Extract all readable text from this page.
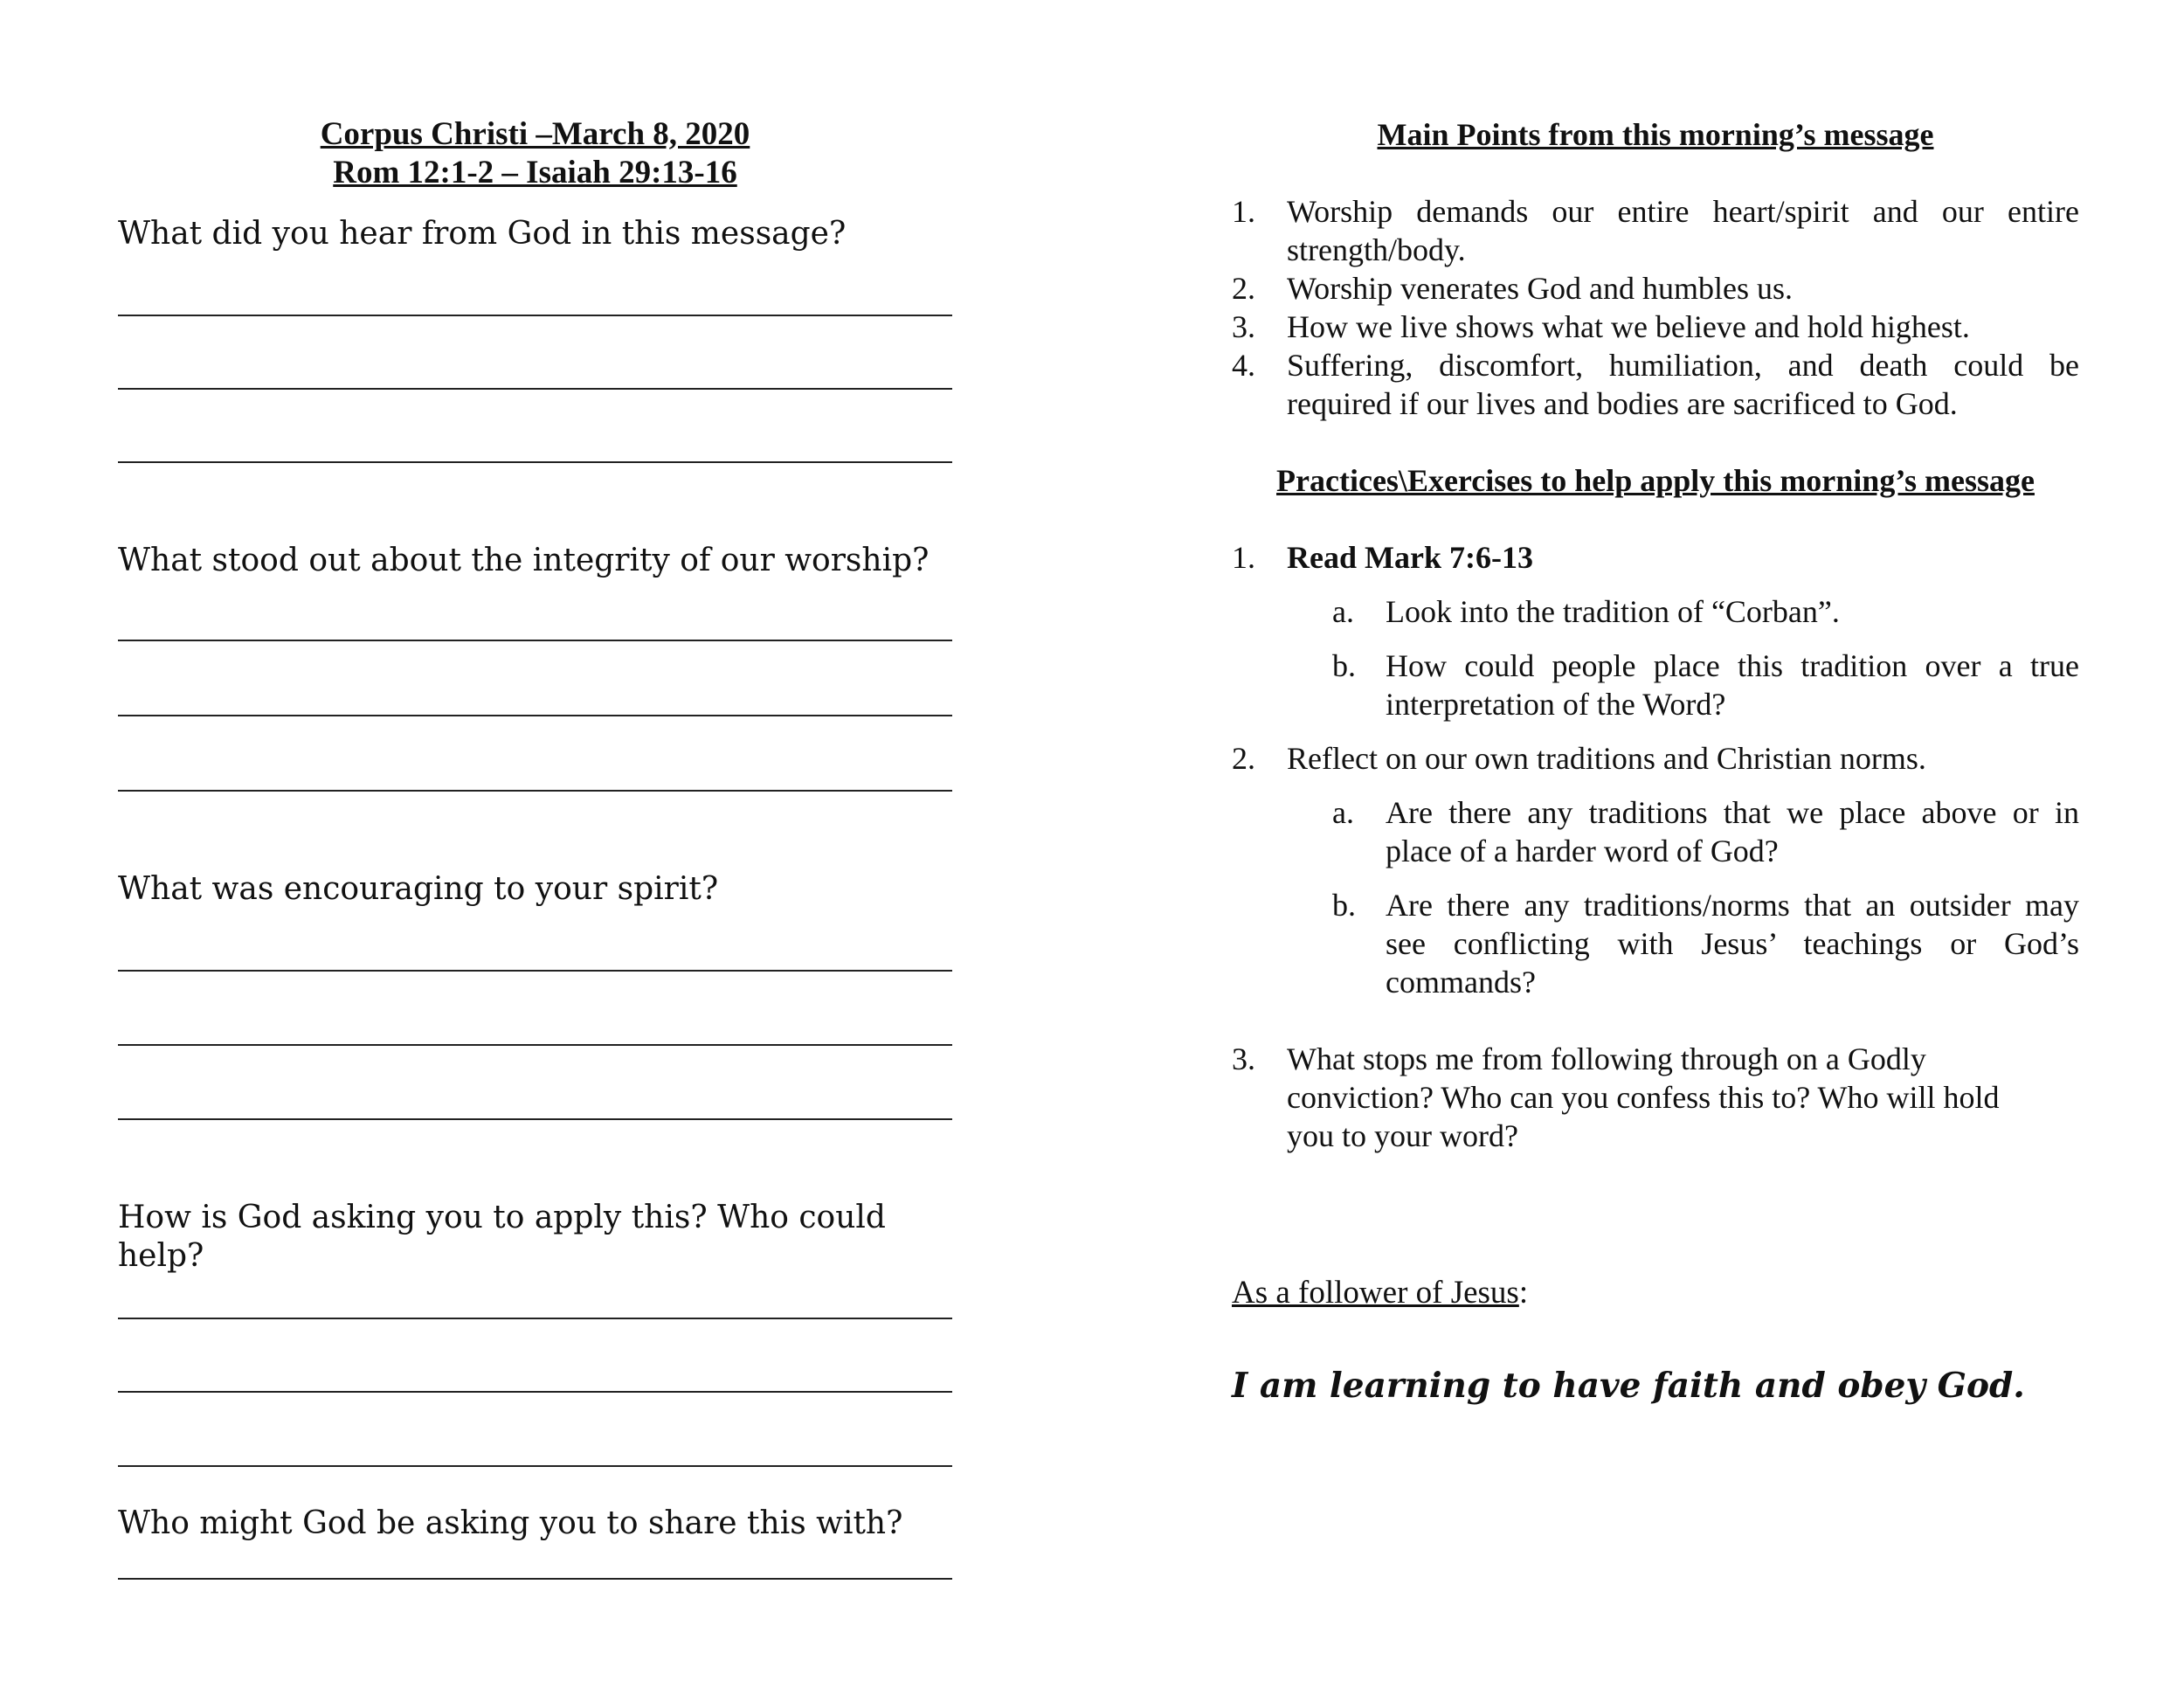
Corpus Christi –March 8, 2020

Rom 12:1-2 – Isaiah 29:13-16

What did you hear from God in this message?

What stood out about the integrity of our worship?

What was encouraging to your spirit?

How is God asking you to apply this? Who could help?

Who might God be asking you to share this with?

Main Points from this morning’s message

1. Worship demands our entire heart/spirit and our entire strength/body.
2. Worship venerates God and humbles us.
3. How we live shows what we believe and hold highest.
4. Suffering, discomfort, humiliation, and death could be required if our lives and bodies are sacrificed to God.

Practices\Exercises to help apply this morning’s message

1. Read Mark 7:6-13
a. Look into the tradition of “Corban”.
b. How could people place this tradition over a true interpretation of the Word?
2. Reflect on our own traditions and Christian norms.
a. Are there any traditions that we place above or in place of a harder word of God?
b. Are there any traditions/norms that an outsider may see conflicting with Jesus’ teachings or God’s commands?
3. What stops me from following through on a Godly conviction? Who can you confess this to? Who will hold you to your word?

As a follower of Jesus:

I am learning to have faith and obey God.
